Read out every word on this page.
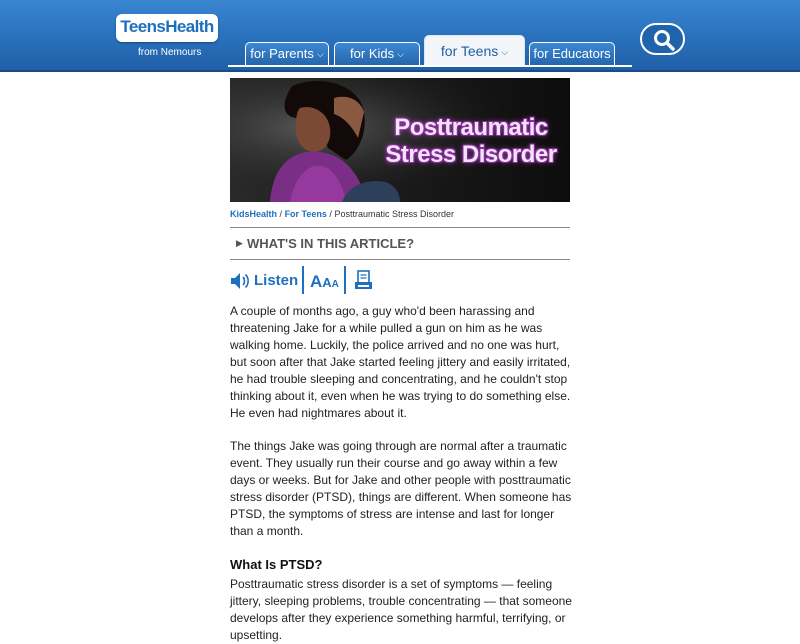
TeensHealth
from Nemours	for Parents ⌵	for Kids ⌵	for Teens ⌵	for Educators
Posttraumatic
Stress Disorder
KidsHealth / For Teens / Posttraumatic Stress Disorder
▶ WHAT'S IN THIS ARTICLE?
Listen AAA

A couple of months ago, a guy who'd been harassing and threatening Jake for a while pulled a gun on him as he was walking home. Luckily, the police arrived and no one was hurt, but soon after that Jake started feeling jittery and easily irritated, he had trouble sleeping and concentrating, and he couldn't stop thinking about it, even when he was trying to do something else. He even had nightmares about it.

The things Jake was going through are normal after a traumatic event. They usually run their course and go away within a few days or weeks. But for Jake and other people with posttraumatic stress disorder (PTSD), things are different. When someone has PTSD, the symptoms of stress are intense and last for longer than a month.

What Is PTSD?
Posttraumatic stress disorder is a set of symptoms — feeling jittery, sleeping problems, trouble concentrating — that someone develops after they experience something harmful, terrifying, or upsetting.
